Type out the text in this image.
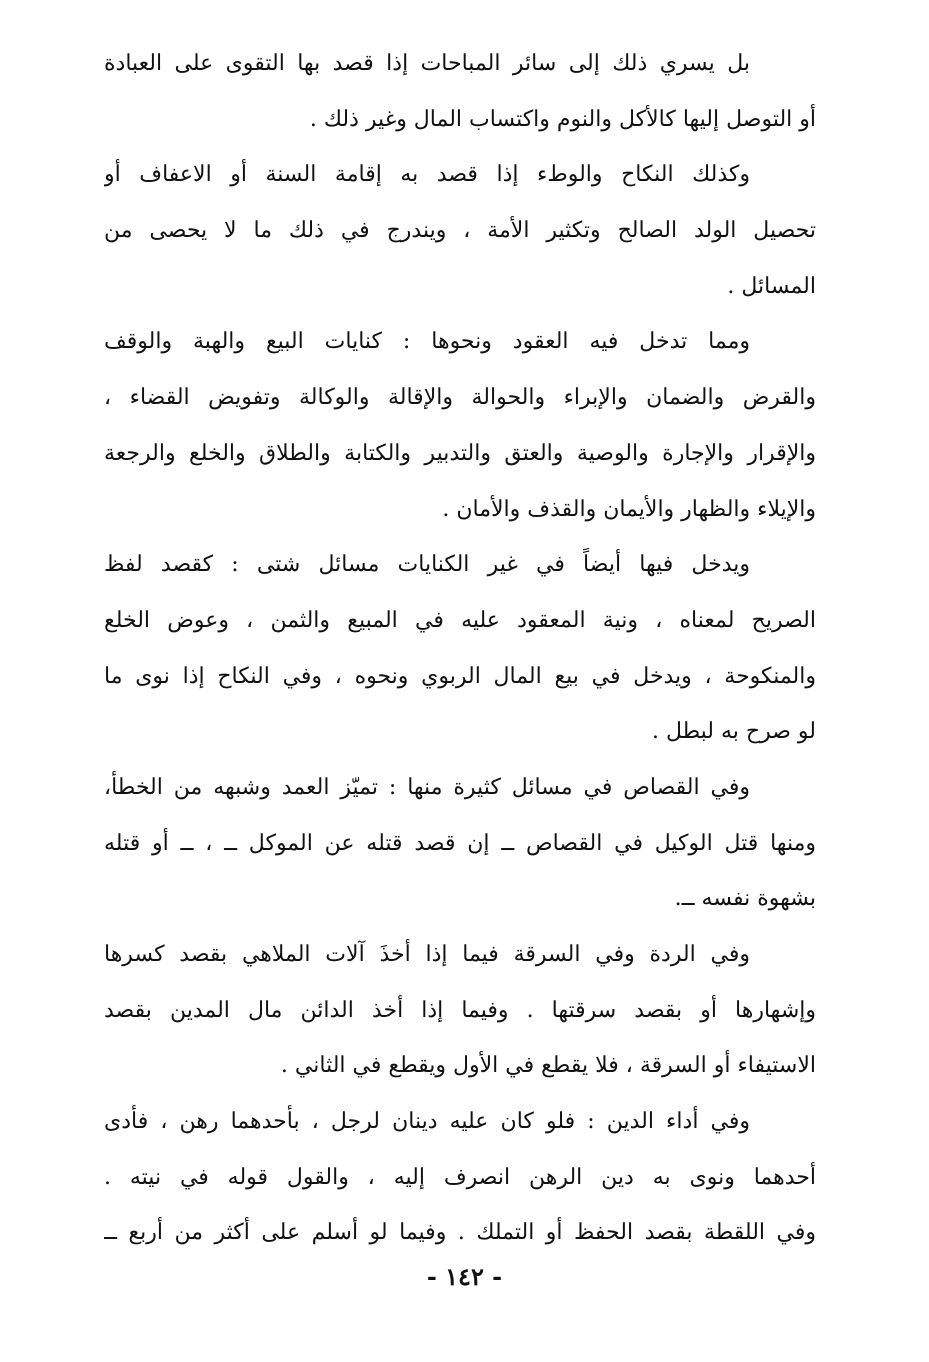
بل يسري ذلك إلى سائر المباحات إذا قصد بها التقوى على العبادة
أو التوصل إليها كالأكل والنوم واكتساب المال وغير ذلك .
وكذلك النكاح والوطء إذا قصد به إقامة السنة أو الاعفاف أو
تحصيل الولد الصالح وتكثير الأمة ، ويندرج في ذلك ما لا يحصى من
المسائل .
ومما تدخل فيه العقود ونحوها : كنايات البيع والهبة والوقف
والقرض والضمان والإبراء والحوالة والإقالة والوكالة وتفويض القضاء ،
والإقرار والإجارة والوصية والعتق والتدبير والكتابة والطلاق والخلع والرجعة
والإيلاء والظهار والأيمان والقذف والأمان .
ويدخل فيها أيضاً في غير الكنايات مسائل شتى : كقصد لفظ
الصريح لمعناه ، ونية المعقود عليه في المبيع والثمن ، وعوض الخلع
والمنكوحة ، ويدخل في بيع المال الربوي ونحوه ، وفي النكاح إذا نوى ما
لو صرح به لبطل .
وفي القصاص في مسائل كثيرة منها : تميّز العمد وشبهه من الخطأ،
ومنها قتل الوكيل في القصاص ــ إن قصد قتله عن الموكل ــ ، ــ أو قتله
بشهوة نفسه ــ.
وفي الردة وفي السرقة فيما إذا أخذَ آلات الملاهي بقصد كسرها
وإشهارها أو بقصد سرقتها . وفيما إذا أخذ الدائن مال المدين بقصد
الاستيفاء أو السرقة ، فلا يقطع في الأول ويقطع في الثاني .
وفي أداء الدين : فلو كان عليه دينان لرجل ، بأحدهما رهن ، فأدى
أحدهما ونوى به دين الرهن انصرف إليه ، والقول قوله في نيته .
وفي اللقطة بقصد الحفظ أو التملك . وفيما لو أسلم على أكثر من أربع ــ
- ١٤٢ -
